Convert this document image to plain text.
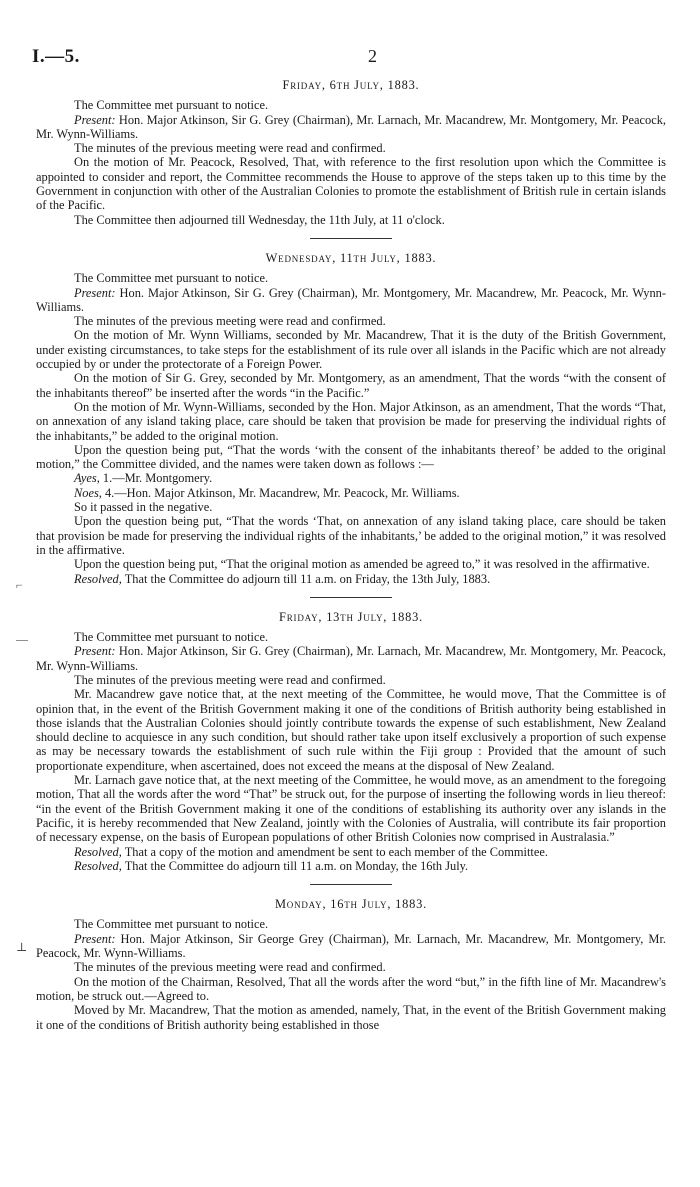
I.—5.	2
⌐
—
⊥
Friday, 6th July, 1883.

The Committee met pursuant to notice.

Present: Hon. Major Atkinson, Sir G. Grey (Chairman), Mr. Larnach, Mr. Macandrew, Mr. Montgomery, Mr. Peacock, Mr. Wynn-Williams.

The minutes of the previous meeting were read and confirmed.

On the motion of Mr. Peacock, Resolved, That, with reference to the first resolution upon which the Committee is appointed to consider and report, the Committee recommends the House to approve of the steps taken up to this time by the Government in conjunction with other of the Australian Colonies to promote the establishment of British rule in certain islands of the Pacific.

The Committee then adjourned till Wednesday, the 11th July, at 11 o'clock.

Wednesday, 11th July, 1883.

The Committee met pursuant to notice.

Present: Hon. Major Atkinson, Sir G. Grey (Chairman), Mr. Montgomery, Mr. Macandrew, Mr. Peacock, Mr. Wynn-Williams.

The minutes of the previous meeting were read and confirmed.

On the motion of Mr. Wynn Williams, seconded by Mr. Macandrew, That it is the duty of the British Government, under existing circumstances, to take steps for the establishment of its rule over all islands in the Pacific which are not already occupied by or under the protectorate of a Foreign Power.

On the motion of Sir G. Grey, seconded by Mr. Montgomery, as an amendment, That the words “with the consent of the inhabitants thereof” be inserted after the words “in the Pacific.”

On the motion of Mr. Wynn-Williams, seconded by the Hon. Major Atkinson, as an amendment, That the words “That, on annexation of any island taking place, care should be taken that provision be made for preserving the individual rights of the inhabitants,” be added to the original motion.

Upon the question being put, “That the words ‘with the consent of the inhabitants thereof’ be added to the original motion,” the Committee divided, and the names were taken down as follows :—

Ayes, 1.—Mr. Montgomery.

Noes, 4.—Hon. Major Atkinson, Mr. Macandrew, Mr. Peacock, Mr. Williams.

So it passed in the negative.

Upon the question being put, “That the words ‘That, on annexation of any island taking place, care should be taken that provision be made for preserving the individual rights of the inhabitants,’ be added to the original motion,” it was resolved in the affirmative.

Upon the question being put, “That the original motion as amended be agreed to,” it was resolved in the affirmative.

Resolved, That the Committee do adjourn till 11 a.m. on Friday, the 13th July, 1883.

Friday, 13th July, 1883.

The Committee met pursuant to notice.

Present: Hon. Major Atkinson, Sir G. Grey (Chairman), Mr. Larnach, Mr. Macandrew, Mr. Montgomery, Mr. Peacock, Mr. Wynn-Williams.

The minutes of the previous meeting were read and confirmed.

Mr. Macandrew gave notice that, at the next meeting of the Committee, he would move, That the Committee is of opinion that, in the event of the British Government making it one of the conditions of British authority being established in those islands that the Australian Colonies should jointly contribute towards the expense of such establishment, New Zealand should decline to acquiesce in any such condition, but should rather take upon itself exclusively a proportion of such expense as may be necessary towards the establishment of such rule within the Fiji group : Provided that the amount of such proportionate expenditure, when ascertained, does not exceed the means at the disposal of New Zealand.

Mr. Larnach gave notice that, at the next meeting of the Committee, he would move, as an amendment to the foregoing motion, That all the words after the word “That” be struck out, for the purpose of inserting the following words in lieu thereof: “in the event of the British Government making it one of the conditions of establishing its authority over any islands in the Pacific, it is hereby recommended that New Zealand, jointly with the Colonies of Australia, will contribute its fair proportion of necessary expense, on the basis of European populations of other British Colonies now comprised in Australasia.”

Resolved, That a copy of the motion and amendment be sent to each member of the Committee.

Resolved, That the Committee do adjourn till 11 a.m. on Monday, the 16th July.

Monday, 16th July, 1883.

The Committee met pursuant to notice.

Present: Hon. Major Atkinson, Sir George Grey (Chairman), Mr. Larnach, Mr. Macandrew, Mr. Montgomery, Mr. Peacock, Mr. Wynn-Williams.

The minutes of the previous meeting were read and confirmed.

On the motion of the Chairman, Resolved, That all the words after the word “but,” in the fifth line of Mr. Macandrew's motion, be struck out.—Agreed to.

Moved by Mr. Macandrew, That the motion as amended, namely, That, in the event of the British Government making it one of the conditions of British authority being established in those
